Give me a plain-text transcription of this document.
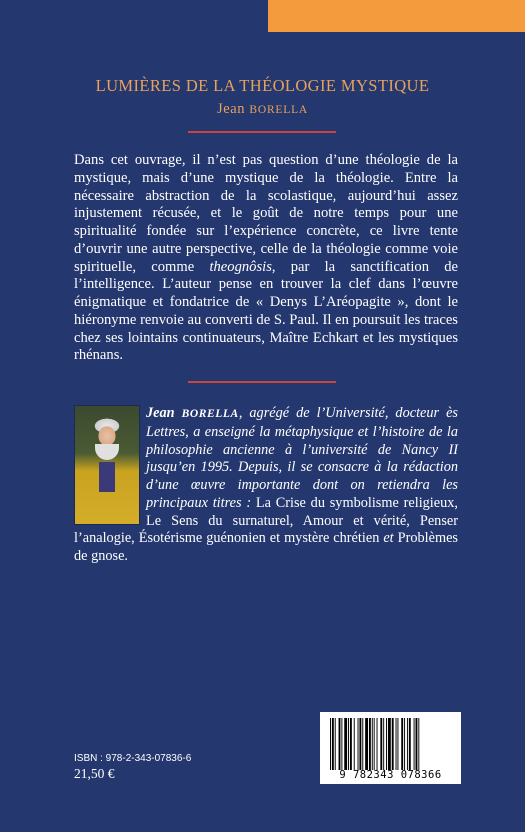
LUMIÈRES DE LA THÉOLOGIE MYSTIQUE
Jean BORELLA
Dans cet ouvrage, il n’est pas question d’une théologie de la mystique, mais d’une mystique de la théologie. Entre la nécessaire abstraction de la scolastique, aujourd’hui assez injustement récusée, et le goût de notre temps pour une spiritualité fondée sur l’expérience concrète, ce livre tente d’ouvrir une autre perspective, celle de la théologie comme voie spirituelle, comme theognôsis, par la sanctification de l’intelligence. L’auteur pense en trouver la clef dans l’œuvre énigmatique et fondatrice de « Denys L’Aréopagite », dont le hiéronyme renvoie au converti de S. Paul. Il en poursuit les traces chez ses lointains continuateurs, Maître Echkart et les mystiques rhénans.
Jean BORELLA, agrégé de l’Université, docteur ès Lettres, a enseigné la métaphysique et l’histoire de la philosophie ancienne à l’université de Nancy II jusqu’en 1995. Depuis, il se consacre à la rédaction d’une œuvre importante dont on retiendra les principaux titres : La Crise du symbolisme religieux, Le Sens du surnaturel, Amour et vérité, Penser l’analogie, Ésotérisme guénonien et mystère chrétien et Problèmes de gnose.
ISBN : 978-2-343-07836-6
21,50 €	9 782343 078366
